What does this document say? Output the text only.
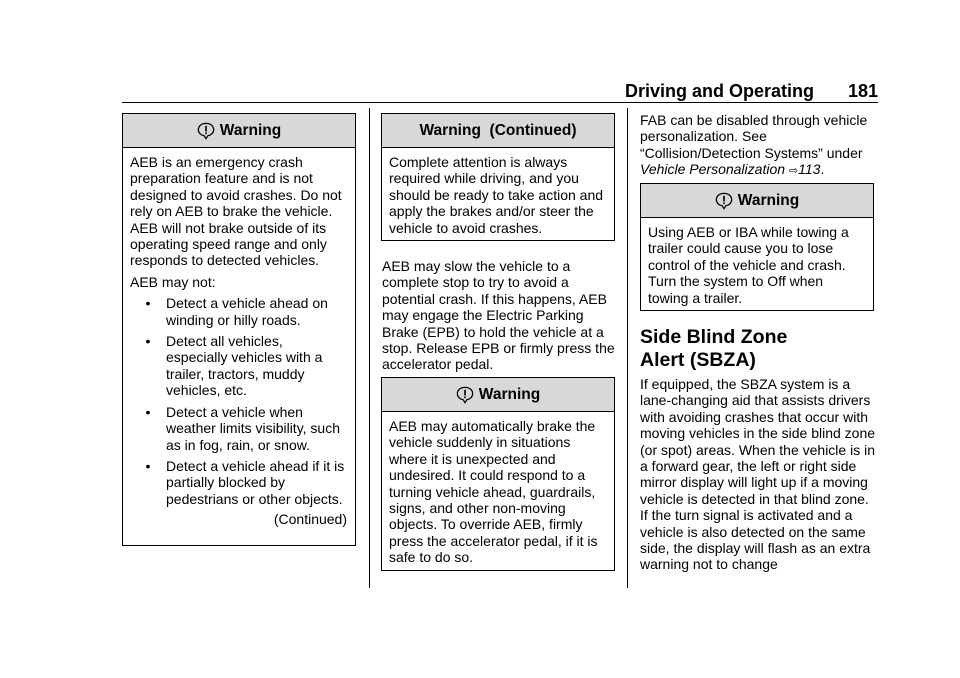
Driving and Operating	181
Warning

AEB is an emergency crash preparation feature and is not designed to avoid crashes. Do not rely on AEB to brake the vehicle. AEB will not brake outside of its operating speed range and only responds to detected vehicles.

AEB may not:

•	Detect a vehicle ahead on winding or hilly roads.
•	Detect all vehicles, especially vehicles with a trailer, tractors, muddy vehicles, etc.
•	Detect a vehicle when weather limits visibility, such as in fog, rain, or snow.
•	Detect a vehicle ahead if it is partially blocked by pedestrians or other objects.
(Continued)
Warning  (Continued)
Complete attention is always required while driving, and you should be ready to take action and apply the brakes and/or steer the vehicle to avoid crashes.

AEB may slow the vehicle to a complete stop to try to avoid a potential crash. If this happens, AEB may engage the Electric Parking Brake (EPB) to hold the vehicle at a stop. Release EPB or firmly press the accelerator pedal.

Warning
AEB may automatically brake the vehicle suddenly in situations where it is unexpected and undesired. It could respond to a turning vehicle ahead, guardrails, signs, and other non-moving objects. To override AEB, firmly press the accelerator pedal, if it is safe to do so.

FAB can be disabled through vehicle personalization. See “Collision/Detection Systems” under Vehicle Personalization ⇨113.

Warning
Using AEB or IBA while towing a trailer could cause you to lose control of the vehicle and crash. Turn the system to Off when towing a trailer.
Side Blind Zone Alert (SBZA)

If equipped, the SBZA system is a lane-changing aid that assists drivers with avoiding crashes that occur with moving vehicles in the side blind zone (or spot) areas. When the vehicle is in a forward gear, the left or right side mirror display will light up if a moving vehicle is detected in that blind zone. If the turn signal is activated and a vehicle is also detected on the same side, the display will flash as an extra warning not to change
